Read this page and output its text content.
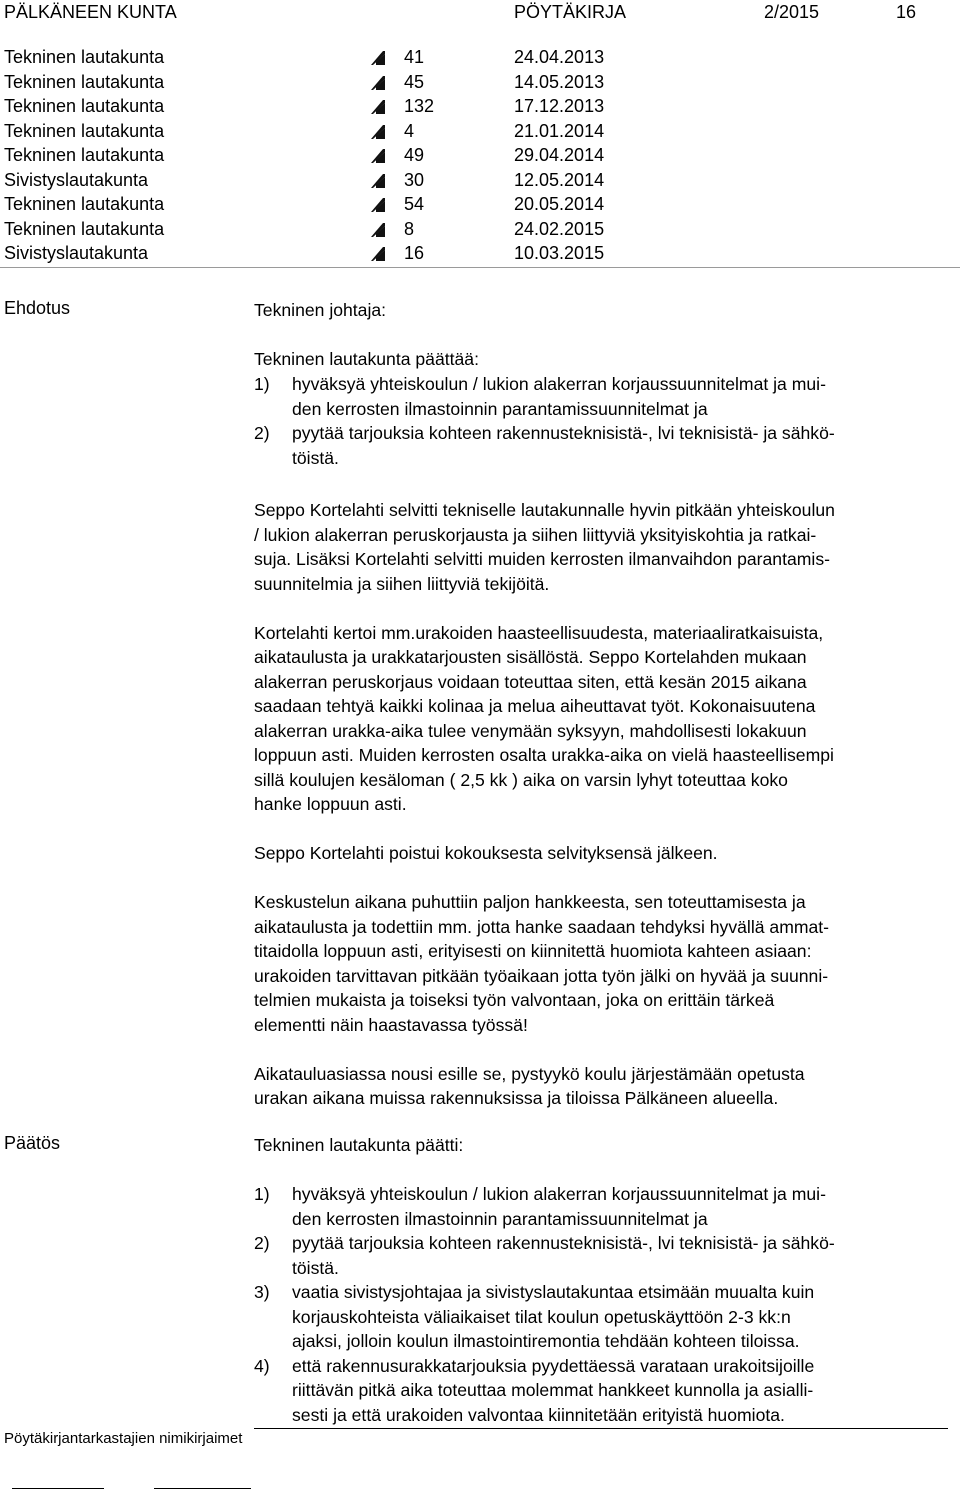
PÄLKÄNEEN KUNTA	PÖYTÄKIRJA	2/2015	16
Tekninen lautakunta	41	24.04.2013
Tekninen lautakunta	45	14.05.2013
Tekninen lautakunta	132	17.12.2013
Tekninen lautakunta	4	21.01.2014
Tekninen lautakunta	49	29.04.2014
Sivistyslautakunta	30	12.05.2014
Tekninen lautakunta	54	20.05.2014
Tekninen lautakunta	8	24.02.2015
Sivistyslautakunta	16	10.03.2015
Ehdotus	Tekninen johtaja:
Tekninen lautakunta päättää:
1) hyväksyä yhteiskoulun / lukion alakerran korjaussuunnitelmat ja mui-
den kerrosten ilmastoinnin parantamissuunnitelmat ja
2) pyytää tarjouksia kohteen rakennusteknisistä-, lvi teknisistä- ja sähkö-
töistä.
Seppo Kortelahti selvitti tekniselle lautakunnalle hyvin pitkään yhteiskoulun
/ lukion alakerran peruskorjausta ja siihen liittyviä yksityiskohtia ja ratkai-
suja. Lisäksi Kortelahti selvitti muiden kerrosten ilmanvaihdon parantamis-
suunnitelmia ja siihen liittyviä tekijöitä.
Kortelahti kertoi mm.urakoiden haasteellisuudesta, materiaaliratkaisuista,
aikataulusta ja urakkatarjousten sisällöstä. Seppo Kortelahden mukaan
alakerran peruskorjaus voidaan toteuttaa siten, että kesän 2015 aikana
saadaan tehtyä kaikki kolinaa ja melua aiheuttavat työt. Kokonaisuutena
alakerran urakka-aika tulee venymään syksyyn, mahdollisesti lokakuun
loppuun asti. Muiden kerrosten osalta urakka-aika on vielä haasteellisempi
sillä koulujen kesäloman ( 2,5 kk ) aika on varsin lyhyt toteuttaa koko
hanke loppuun asti.
Seppo Kortelahti poistui kokouksesta selvityksensä jälkeen.
Keskustelun aikana puhuttiin paljon hankkeesta, sen toteuttamisesta ja
aikataulusta ja todettiin mm. jotta hanke saadaan tehdyksi hyvällä ammat-
titaidolla loppuun asti, erityisesti on kiinnitettä huomiota kahteen asiaan:
urakoiden tarvittavan pitkään työaikaan jotta työn jälki on hyvää ja suunni-
telmien mukaista ja toiseksi työn valvontaan, joka on erittäin tärkeä
elementti näin haastavassa työssä!
Aikatauluasiassa nousi esille se, pystyykö koulu järjestämään opetusta
urakan aikana muissa rakennuksissa ja tiloissa Pälkäneen alueella.
Päätös	Tekninen lautakunta päätti:
1) hyväksyä yhteiskoulun / lukion alakerran korjaussuunnitelmat ja mui-
den kerrosten ilmastoinnin parantamissuunnitelmat ja
2) pyytää tarjouksia kohteen rakennusteknisistä-, lvi teknisistä- ja sähkö-
töistä.
3) vaatia sivistysjohtajaa ja sivistyslautakuntaa etsimään muualta kuin
korjauskohteista väliaikaiset tilat koulun opetuskäyttöön 2-3 kk:n
ajaksi, jolloin koulun ilmastointiremontia tehdään kohteen tiloissa.
4) että rakennusurakkatarjouksia pyydettäessä varataan urakoitsijoille
riittävän pitkä aika toteuttaa molemmat hankkeet kunnolla ja asialli-
sesti ja että urakoiden valvontaa kiinnitetään erityistä huomiota.
Pöytäkirjantarkastajien nimikirjaimet
